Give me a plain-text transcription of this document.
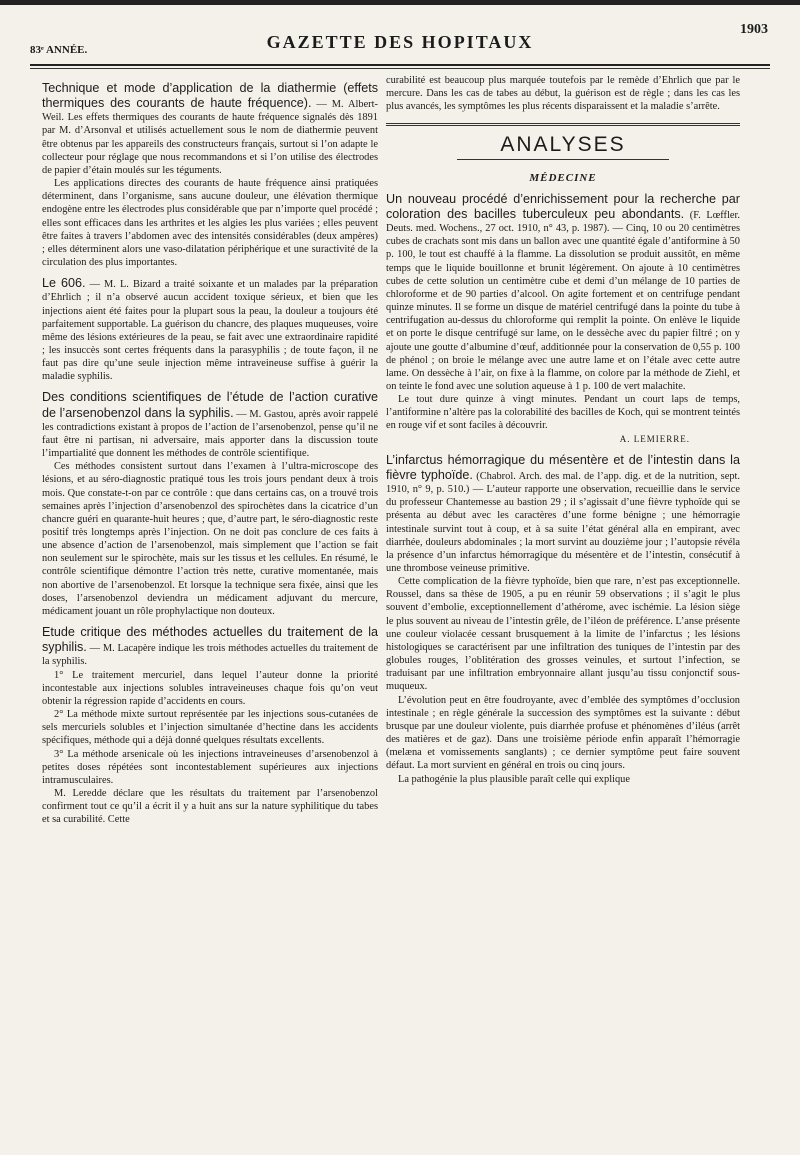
83ᵉ ANNÉE.	GAZETTE DES HOPITAUX
1903

Technique et mode d’application de la diathermie (effets thermiques des courants de haute fréquence). — M. Albert-Weil. Les effets thermiques des courants de haute fréquence signalés dès 1891 par M. d’Arsonval et utilisés actuellement sous le nom de diathermie peuvent être obtenus par les appareils des constructeurs français, surtout si l’on adapte le collecteur pour réglage que nous recommandons et si l’on utilise des électrodes de papier d’étain moulés sur les téguments.

Les applications directes des courants de haute fréquence ainsi pratiquées déterminent, dans l’organisme, sans aucune douleur, une élévation thermique endogène entre les électrodes plus considérable que par n’importe quel procédé ; elles sont efficaces dans les arthrites et les algies les plus variées ; elles peuvent être faites à travers l’abdomen avec des intensités considérables (deux ampères) ; elles déterminent alors une vaso-dilatation périphérique et une suractivité de la circulation des plus importantes.

Le 606. — M. L. Bizard a traité soixante et un malades par la préparation d’Ehrlich ; il n’a observé aucun accident toxique sérieux, et bien que les injections aient été faites pour la plupart sous la peau, la douleur a toujours été parfaitement supportable. La guérison du chancre, des plaques muqueuses, voire même des lésions extérieures de la peau, se fait avec une extraordinaire rapidité ; les insuccès sont certes fréquents dans la parasyphilis ; de toute façon, il ne faut pas dire qu’une seule injection même intraveineuse suffise à guérir la maladie syphilis.

Des conditions scientifiques de l’étude de l’action curative de l’arsenobenzol dans la syphilis. — M. Gastou, après avoir rappelé les contradictions existant à propos de l’action de l’arsenobenzol, pense qu’il ne faut être ni partisan, ni adversaire, mais apporter dans la discussion toute l’impartialité que donnent les méthodes de contrôle scientifique.

Ces méthodes consistent surtout dans l’examen à l’ultra-microscope des lésions, et au séro-diagnostic pratiqué tous les trois jours pendant deux à trois mois. Que constate-t-on par ce contrôle : que dans certains cas, on a trouvé trois semaines après l’injection d’arsenobenzol des spirochètes dans la cicatrice d’un chancre guéri en quarante-huit heures ; que, d’autre part, le séro-diagnostic reste positif très longtemps après l’injection. On ne doit pas conclure de ces faits à une absence d’action de l’arsenobenzol, mais simplement que l’action se fait non seulement sur le spirochète, mais sur les tissus et les cellules. En résumé, le contrôle scientifique démontre l’action très nette, curative momentanée, mais non abortive de l’arsenobenzol. Et lorsque la technique sera fixée, ainsi que les doses, l’arsenobenzol deviendra un médicament adjuvant du mercure, médicament jouant un rôle prophylactique non douteux.

Etude critique des méthodes actuelles du traitement de la syphilis. — M. Lacapère indique les trois méthodes actuelles du traitement de la syphilis.

1° Le traitement mercuriel, dans lequel l’auteur donne la priorité incontestable aux injections solubles intraveineuses chaque fois qu’on veut obtenir la régression rapide d’accidents en cours.

2° La méthode mixte surtout représentée par les injections sous-cutanées de sels mercuriels solubles et l’injection simultanée d’hectine dans les accidents spécifiques, méthode qui a déjà donné quelques résultats excellents.

3° La méthode arsenicale où les injections intraveineuses d’arsenobenzol à petites doses répétées sont incontestablement supérieures aux injections intramusculaires.

M. Leredde déclare que les résultats du traitement par l’arsenobenzol confirment tout ce qu’il a écrit il y a huit ans sur la nature syphilitique du tabes et sa curabilité. Cette

curabilité est beaucoup plus marquée toutefois par le remède d’Ehrlich que par le mercure. Dans les cas de tabes au début, la guérison est de règle ; dans les cas les plus avancés, les symptômes les plus récents disparaissent et la maladie s’arrête.

ANALYSES
MÉDECINE

Un nouveau procédé d’enrichissement pour la recherche par coloration des bacilles tuberculeux peu abondants. (F. Lœffler. Deuts. med. Wochens., 27 oct. 1910, n° 43, p. 1987). — Cinq, 10 ou 20 centimètres cubes de crachats sont mis dans un ballon avec une quantité égale d’antiformine à 50 p. 100, le tout est chauffé à la flamme. La dissolution se produit aussitôt, en même temps que le liquide bouillonne et brunit légèrement. On ajoute à 10 centimètres cubes de cette solution un centimètre cube et demi d’un mélange de 10 parties de chloroforme et de 90 parties d’alcool. On agite fortement et on centrifuge pendant quinze minutes. Il se forme un disque de matériel centrifugé dans la pointe du tube à centrifugation au-dessus du chloroforme qui remplit la pointe. On enlève le liquide et on porte le disque centrifugé sur lame, on le dessèche avec du papier filtré ; on y ajoute une goutte d’albumine d’œuf, additionnée pour la conservation de 0,55 p. 100 de phénol ; on broie le mélange avec une autre lame et on l’étale avec cette autre lame. On dessèche à l’air, on fixe à la flamme, on colore par la méthode de Ziehl, et on teinte le fond avec une solution aqueuse à 1 p. 100 de vert malachite.

Le tout dure quinze à vingt minutes. Pendant un court laps de temps, l’antiformine n’altère pas la colorabilité des bacilles de Koch, qui se montrent teintés en rouge vif et sont faciles à découvrir.

A. LEMIERRE.

L’infarctus hémorragique du mésentère et de l’intestin dans la fièvre typhoïde. (Chabrol. Arch. des mal. de l’app. dig. et de la nutrition, sept. 1910, n° 9, p. 510.) — L’auteur rapporte une observation, recueillie dans le service du professeur Chantemesse au bastion 29 ; il s’agissait d’une fièvre typhoïde qui se présenta au début avec les caractères d’une forme bénigne ; une hémorragie intestinale survint tout à coup, et à sa suite l’état général alla en empirant, avec diarrhée, douleurs abdominales ; la mort survint au douzième jour ; l’autopsie révéla la présence d’un infarctus hémorragique du mésentère et de l’intestin, consécutif à une thrombose veineuse primitive.

Cette complication de la fièvre typhoïde, bien que rare, n’est pas exceptionnelle. Roussel, dans sa thèse de 1905, a pu en réunir 59 observations ; il s’agit le plus souvent d’embolie, exceptionnellement d’athérome, avec ischémie. La lésion siège le plus souvent au niveau de l’intestin grêle, de l’iléon de préférence. L’anse présente une couleur violacée cessant brusquement à la limite de l’infarctus ; les lésions histologiques se caractérisent par une infiltration des tuniques de l’intestin par des globules rouges, l’oblitération des grosses veinules, et surtout l’infection, se traduisant par une infiltration embryonnaire allant jusqu’au tissu conjonctif sous-muqueux.

L’évolution peut en être foudroyante, avec d’emblée des symptômes d’occlusion intestinale ; en règle générale la succession des symptômes est la suivante : début brusque par une douleur violente, puis diarrhée profuse et phénomènes d’iléus (arrêt des matières et de gaz). Dans une troisième période enfin apparaît l’hémorragie (melæna et vomissements sanglants) ; ce dernier symptôme peut faire souvent défaut. La mort survient en général en trois ou cinq jours.

La pathogénie la plus plausible paraît celle qui explique
